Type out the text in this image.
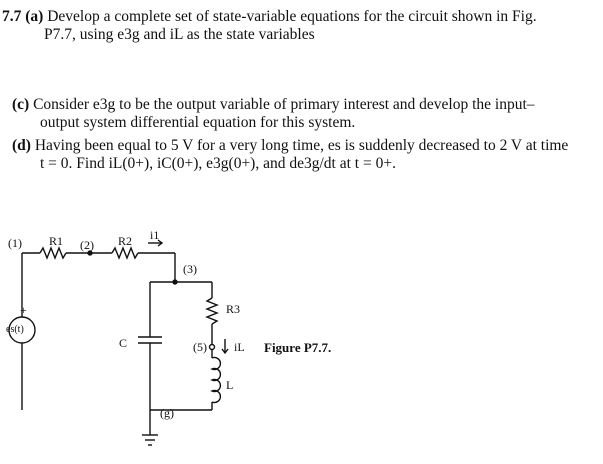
7.7 (a) Develop a complete set of state-variable equations for the circuit shown in Fig.
P7.7, using e3g and iL as the state variables
(c) Consider e3g to be the output variable of primary interest and develop the input–
output system differential equation for this system.
(d) Having been equal to 5 V for a very long time, es is suddenly decreased to 2 V at time
t = 0. Find iL(0+), iC(0+), e3g(0+), and de3g/dt at t = 0+.
(1) R1 (2) R2 i1
(3)
R3
+
es(t)
C	(5) iL
L
(g)
Figure P7.7.
